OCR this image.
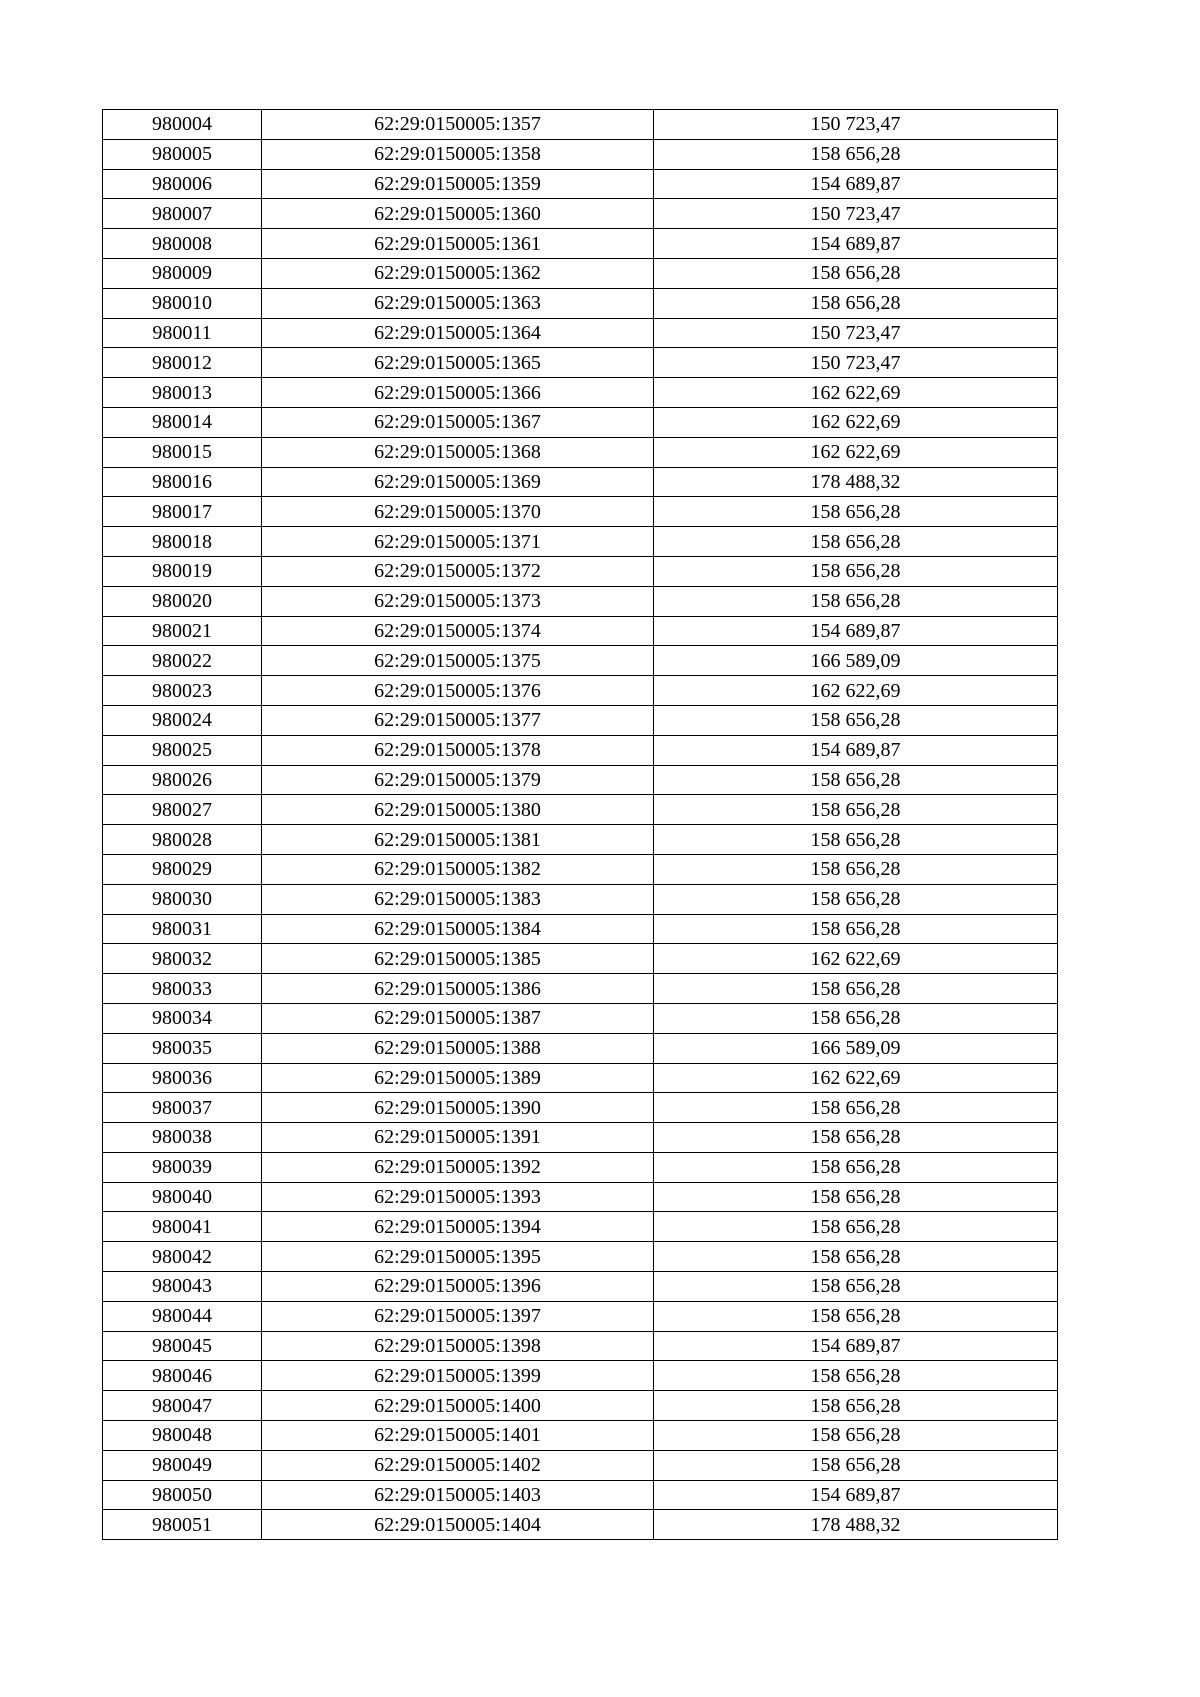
980004	62:29:0150005:1357	150 723,47
980005	62:29:0150005:1358	158 656,28
980006	62:29:0150005:1359	154 689,87
980007	62:29:0150005:1360	150 723,47
980008	62:29:0150005:1361	154 689,87
980009	62:29:0150005:1362	158 656,28
980010	62:29:0150005:1363	158 656,28
980011	62:29:0150005:1364	150 723,47
980012	62:29:0150005:1365	150 723,47
980013	62:29:0150005:1366	162 622,69
980014	62:29:0150005:1367	162 622,69
980015	62:29:0150005:1368	162 622,69
980016	62:29:0150005:1369	178 488,32
980017	62:29:0150005:1370	158 656,28
980018	62:29:0150005:1371	158 656,28
980019	62:29:0150005:1372	158 656,28
980020	62:29:0150005:1373	158 656,28
980021	62:29:0150005:1374	154 689,87
980022	62:29:0150005:1375	166 589,09
980023	62:29:0150005:1376	162 622,69
980024	62:29:0150005:1377	158 656,28
980025	62:29:0150005:1378	154 689,87
980026	62:29:0150005:1379	158 656,28
980027	62:29:0150005:1380	158 656,28
980028	62:29:0150005:1381	158 656,28
980029	62:29:0150005:1382	158 656,28
980030	62:29:0150005:1383	158 656,28
980031	62:29:0150005:1384	158 656,28
980032	62:29:0150005:1385	162 622,69
980033	62:29:0150005:1386	158 656,28
980034	62:29:0150005:1387	158 656,28
980035	62:29:0150005:1388	166 589,09
980036	62:29:0150005:1389	162 622,69
980037	62:29:0150005:1390	158 656,28
980038	62:29:0150005:1391	158 656,28
980039	62:29:0150005:1392	158 656,28
980040	62:29:0150005:1393	158 656,28
980041	62:29:0150005:1394	158 656,28
980042	62:29:0150005:1395	158 656,28
980043	62:29:0150005:1396	158 656,28
980044	62:29:0150005:1397	158 656,28
980045	62:29:0150005:1398	154 689,87
980046	62:29:0150005:1399	158 656,28
980047	62:29:0150005:1400	158 656,28
980048	62:29:0150005:1401	158 656,28
980049	62:29:0150005:1402	158 656,28
980050	62:29:0150005:1403	154 689,87
980051	62:29:0150005:1404	178 488,32
